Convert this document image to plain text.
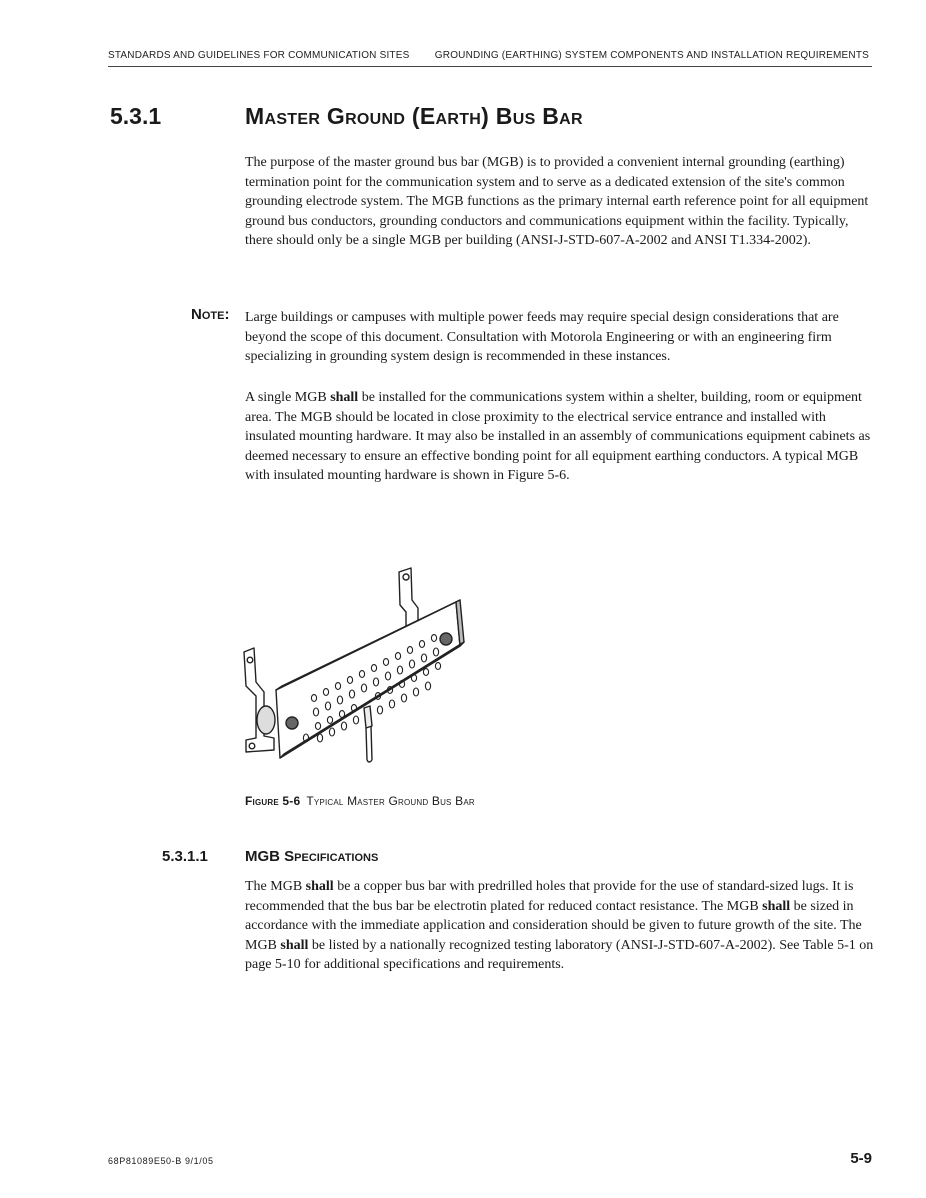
STANDARDS AND GUIDELINES FOR COMMUNICATION SITES	GROUNDING (EARTHING) SYSTEM COMPONENTS AND INSTALLATION REQUIREMENTS
5.3.1	Master Ground (Earth) Bus Bar

The purpose of the master ground bus bar (MGB) is to provided a convenient internal grounding (earthing) termination point for the communication system and to serve as a dedicated extension of the site's common grounding electrode system. The MGB functions as the primary internal earth reference point for all equipment ground bus conductors, grounding conductors and communications equipment within the facility. Typically, there should only be a single MGB per building (ANSI-J-STD-607-A-2002 and ANSI T1.334-2002).

Note: Large buildings or campuses with multiple power feeds may require special design considerations that are beyond the scope of this document. Consultation with Motorola Engineering or with an engineering firm specializing in grounding system design is recommended in these instances.

A single MGB shall be installed for the communications system within a shelter, building, room or equipment area. The MGB should be located in close proximity to the electrical service entrance and installed with insulated mounting hardware. It may also be installed in an assembly of communications equipment cabinets as deemed necessary to ensure an effective bonding point for all equipment earthing conductors. A typical MGB with insulated mounting hardware is shown in Figure 5-6.

Figure 5-6 Typical Master Ground Bus Bar
5.3.1.1 MGB Specifications

The MGB shall be a copper bus bar with predrilled holes that provide for the use of standard-sized lugs. It is recommended that the bus bar be electrotin plated for reduced contact resistance. The MGB shall be sized in accordance with the immediate application and consideration should be given to future growth of the site. The MGB shall be listed by a nationally recognized testing laboratory (ANSI-J-STD-607-A-2002). See Table 5-1 on page 5-10 for additional specifications and requirements.

68P81089E50-B 9/1/05	5-9
